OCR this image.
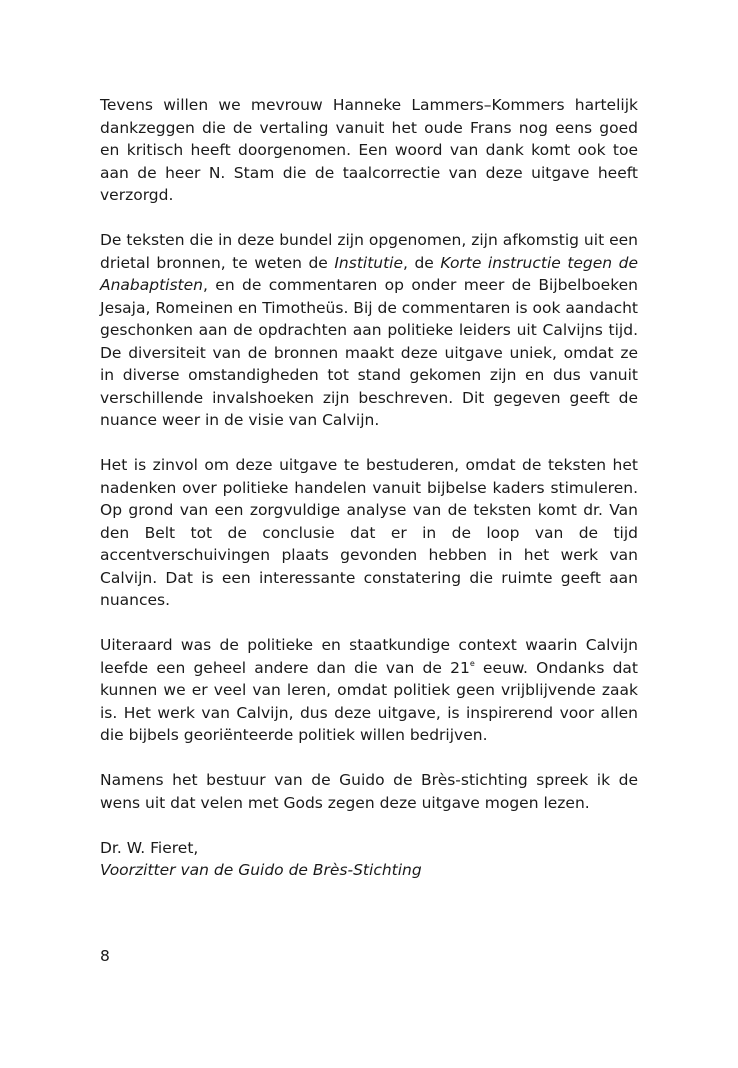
Tevens willen we mevrouw Hanneke Lammers–Kommers hartelijk dankzeggen die de vertaling vanuit het oude Frans nog eens goed en kritisch heeft doorgenomen. Een woord van dank komt ook toe aan de heer N. Stam die de taalcorrectie van deze uitgave heeft verzorgd.

De teksten die in deze bundel zijn opgenomen, zijn afkomstig uit een drietal bronnen, te weten de Institutie, de Korte instructie tegen de Anabaptisten, en de commentaren op onder meer de Bijbelboeken Jesaja, Romeinen en Timotheüs. Bij de commentaren is ook aandacht geschonken aan de opdrachten aan politieke leiders uit Calvijns tijd. De diversiteit van de bronnen maakt deze uitgave uniek, omdat ze in diverse omstandigheden tot stand gekomen zijn en dus vanuit verschillende invalshoeken zijn beschreven. Dit gegeven geeft de nuance weer in de visie van Calvijn.

Het is zinvol om deze uitgave te bestuderen, omdat de teksten het nadenken over politieke handelen vanuit bijbelse kaders stimuleren. Op grond van een zorgvuldige analyse van de teksten komt dr. Van den Belt tot de conclusie dat er in de loop van de tijd accentverschuivingen plaats gevonden hebben in het werk van Calvijn. Dat is een interessante constatering die ruimte geeft aan nuances.

Uiteraard was de politieke en staatkundige context waarin Calvijn leefde een geheel andere dan die van de 21e eeuw. Ondanks dat kunnen we er veel van leren, omdat politiek geen vrijblijvende zaak is. Het werk van Calvijn, dus deze uitgave, is inspirerend voor allen die bijbels georiënteerde politiek willen bedrijven.

Namens het bestuur van de Guido de Brès-stichting spreek ik de wens uit dat velen met Gods zegen deze uitgave mogen lezen.

Dr. W. Fieret,
Voorzitter van de Guido de Brès-Stichting

8
